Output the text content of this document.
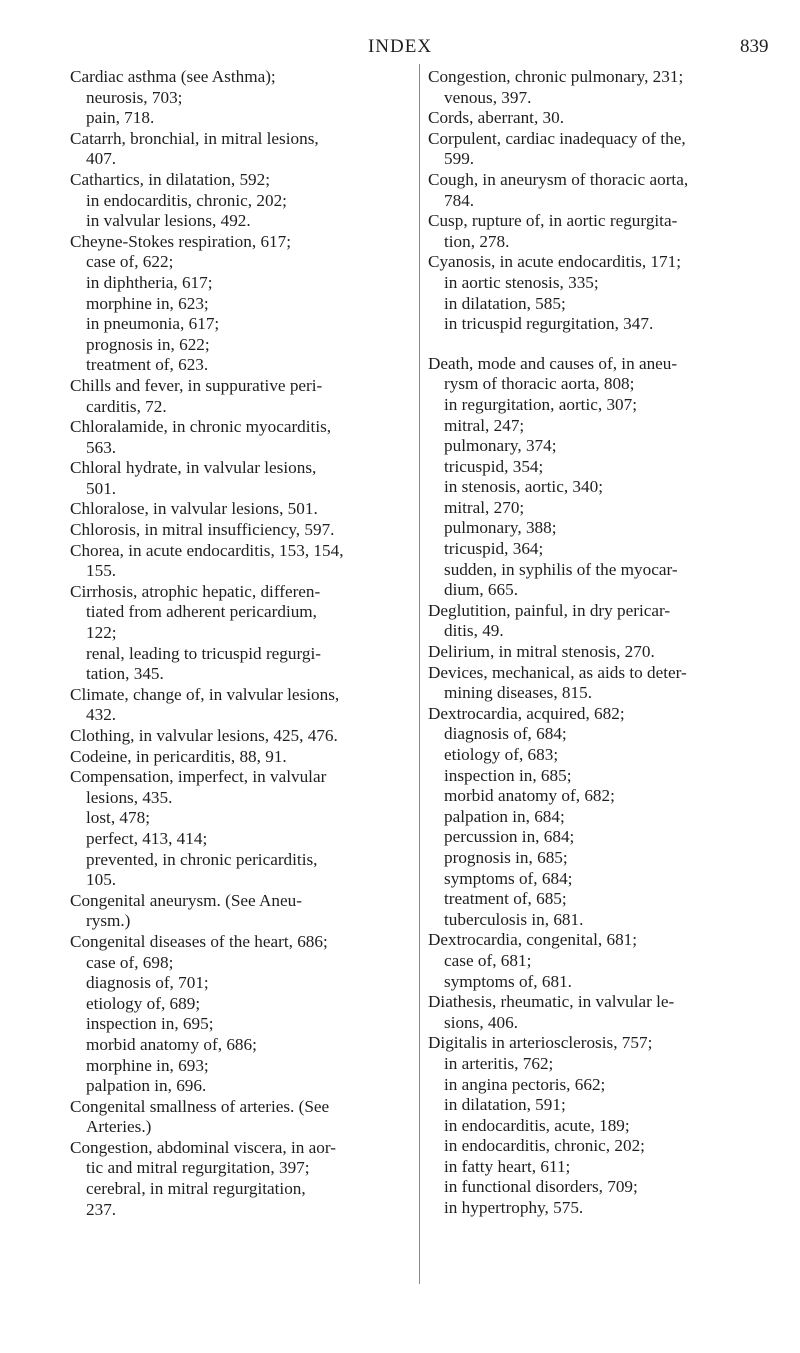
INDEX	839
Cardiac asthma (see Asthma);
neurosis, 703;
pain, 718.
Catarrh, bronchial, in mitral lesions,
407.
Cathartics, in dilatation, 592;
in endocarditis, chronic, 202;
in valvular lesions, 492.
Cheyne-Stokes respiration, 617;
case of, 622;
in diphtheria, 617;
morphine in, 623;
in pneumonia, 617;
prognosis in, 622;
treatment of, 623.
Chills and fever, in suppurative peri-
carditis, 72.
Chloralamide, in chronic myocarditis,
563.
Chloral hydrate, in valvular lesions,
501.
Chloralose, in valvular lesions, 501.
Chlorosis, in mitral insufficiency, 597.
Chorea, in acute endocarditis, 153, 154,
155.
Cirrhosis, atrophic hepatic, differen-
tiated from adherent pericardium,
122;
renal, leading to tricuspid regurgi-
tation, 345.
Climate, change of, in valvular lesions,
432.
Clothing, in valvular lesions, 425, 476.
Codeine, in pericarditis, 88, 91.
Compensation, imperfect, in valvular
lesions, 435.
lost, 478;
perfect, 413, 414;
prevented, in chronic pericarditis,
105.
Congenital aneurysm. (See Aneu-
rysm.)
Congenital diseases of the heart, 686;
case of, 698;
diagnosis of, 701;
etiology of, 689;
inspection in, 695;
morbid anatomy of, 686;
morphine in, 693;
palpation in, 696.
Congenital smallness of arteries. (See
Arteries.)
Congestion, abdominal viscera, in aor-
tic and mitral regurgitation, 397;
cerebral, in mitral regurgitation,
237.
Congestion, chronic pulmonary, 231;
venous, 397.
Cords, aberrant, 30.
Corpulent, cardiac inadequacy of the,
599.
Cough, in aneurysm of thoracic aorta,
784.
Cusp, rupture of, in aortic regurgita-
tion, 278.
Cyanosis, in acute endocarditis, 171;
in aortic stenosis, 335;
in dilatation, 585;
in tricuspid regurgitation, 347.
Death, mode and causes of, in aneu-
rysm of thoracic aorta, 808;
in regurgitation, aortic, 307;
mitral, 247;
pulmonary, 374;
tricuspid, 354;
in stenosis, aortic, 340;
mitral, 270;
pulmonary, 388;
tricuspid, 364;
sudden, in syphilis of the myocar-
dium, 665.
Deglutition, painful, in dry pericar-
ditis, 49.
Delirium, in mitral stenosis, 270.
Devices, mechanical, as aids to deter-
mining diseases, 815.
Dextrocardia, acquired, 682;
diagnosis of, 684;
etiology of, 683;
inspection in, 685;
morbid anatomy of, 682;
palpation in, 684;
percussion in, 684;
prognosis in, 685;
symptoms of, 684;
treatment of, 685;
tuberculosis in, 681.
Dextrocardia, congenital, 681;
case of, 681;
symptoms of, 681.
Diathesis, rheumatic, in valvular le-
sions, 406.
Digitalis in arteriosclerosis, 757;
in arteritis, 762;
in angina pectoris, 662;
in dilatation, 591;
in endocarditis, acute, 189;
in endocarditis, chronic, 202;
in fatty heart, 611;
in functional disorders, 709;
in hypertrophy, 575.
